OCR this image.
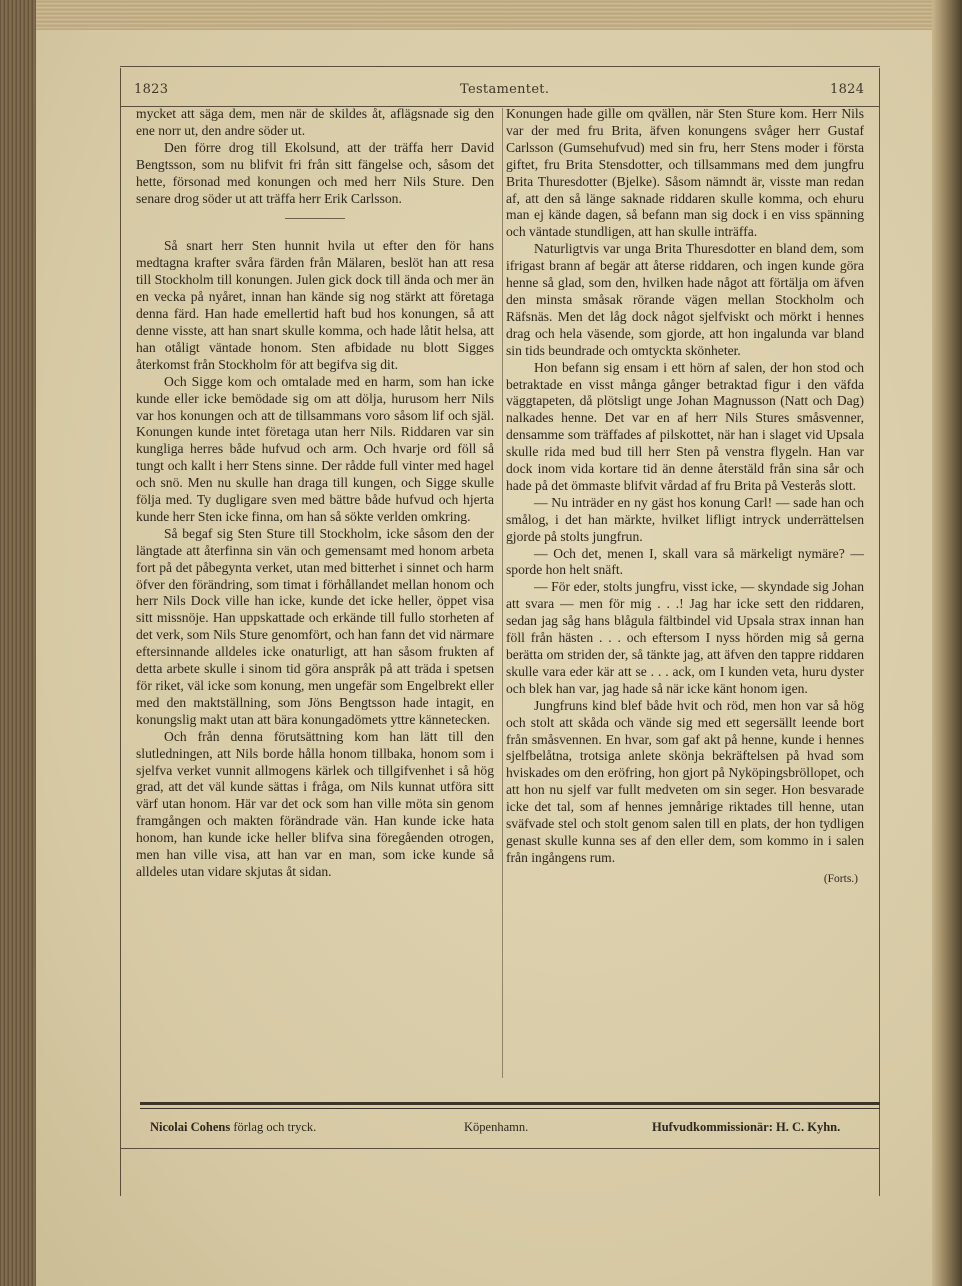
1823	Testamentet.	1824

mycket att säga dem, men när de skildes åt, aflägsnade sig den ene norr ut, den andre söder ut.

Den förre drog till Ekolsund, att der träffa herr David Bengtsson, som nu blifvit fri från sitt fängelse och, såsom det hette, försonad med konungen och med herr Nils Sture. Den senare drog söder ut att träffa herr Erik Carlsson.

Så snart herr Sten hunnit hvila ut efter den för hans medtagna krafter svåra färden från Mälaren, beslöt han att resa till Stockholm till konungen. Julen gick dock till ända och mer än en vecka på nyåret, innan han kände sig nog stärkt att företaga denna färd. Han hade emellertid haft bud hos konungen, så att denne visste, att han snart skulle komma, och hade låtit helsa, att han otåligt väntade honom. Sten afbidade nu blott Sigges återkomst från Stockholm för att begifva sig dit.

Och Sigge kom och omtalade med en harm, som han icke kunde eller icke bemödade sig om att dölja, hurusom herr Nils var hos konungen och att de tillsammans voro såsom lif och själ. Konungen kunde intet företaga utan herr Nils. Riddaren var sin kungliga herres både hufvud och arm. Och hvarje ord föll så tungt och kallt i herr Stens sinne. Der rådde full vinter med hagel och snö. Men nu skulle han draga till kungen, och Sigge skulle följa med. Ty dugligare sven med bättre både hufvud och hjerta kunde herr Sten icke finna, om han så sökte verlden omkring.

Så begaf sig Sten Sture till Stockholm, icke såsom den der längtade att återfinna sin vän och gemensamt med honom arbeta fort på det påbegynta verket, utan med bitterhet i sinnet och harm öfver den förändring, som timat i förhållandet mellan honom och herr Nils Dock ville han icke, kunde det icke heller, öppet visa sitt missnöje. Han uppskattade och erkände till fullo storheten af det verk, som Nils Sture genomfört, och han fann det vid närmare eftersinnande alldeles icke onaturligt, att han såsom frukten af detta arbete skulle i sinom tid göra anspråk på att träda i spetsen för riket, väl icke som konung, men ungefär som Engelbrekt eller med den maktställning, som Jöns Bengtsson hade intagit, en konungslig makt utan att bära konungadömets yttre kännetecken.

Och från denna förutsättning kom han lätt till den slutledningen, att Nils borde hålla honom tillbaka, honom som i sjelfva verket vunnit allmogens kärlek och tillgifvenhet i så hög grad, att det väl kunde sättas i fråga, om Nils kunnat utföra sitt värf utan honom. Här var det ock som han ville möta sin genom framgången och makten förändrade vän. Han kunde icke hata honom, han kunde icke heller blifva sina föregåenden otrogen, men han ville visa, att han var en man, som icke kunde så alldeles utan vidare skjutas åt sidan.

Konungen hade gille om qvällen, när Sten Sture kom. Herr Nils var der med fru Brita, äfven konungens svåger herr Gustaf Carlsson (Gumsehufvud) med sin fru, herr Stens moder i första giftet, fru Brita Stensdotter, och tillsammans med dem jungfru Brita Thuresdotter (Bjelke). Såsom nämndt är, visste man redan af, att den så länge saknade riddaren skulle komma, och ehuru man ej kände dagen, så befann man sig dock i en viss spänning och väntade stundligen, att han skulle inträffa.

Naturligtvis var unga Brita Thuresdotter en bland dem, som ifrigast brann af begär att återse riddaren, och ingen kunde göra henne så glad, som den, hvilken hade något att förtälja om äfven den minsta småsak rörande vägen mellan Stockholm och Räfsnäs. Men det låg dock något sjelfviskt och mörkt i hennes drag och hela väsende, som gjorde, att hon ingalunda var bland sin tids beundrade och omtyckta skönheter.

Hon befann sig ensam i ett hörn af salen, der hon stod och betraktade en visst många gånger betraktad figur i den väfda väggtapeten, då plötsligt unge Johan Magnusson (Natt och Dag) nalkades henne. Det var en af herr Nils Stures småsvenner, densamme som träffades af pilskottet, när han i slaget vid Upsala skulle rida med bud till herr Sten på venstra flygeln. Han var dock inom vida kortare tid än denne återstäld från sina sår och hade på det ömmaste blifvit vårdad af fru Brita på Vesterås slott.

— Nu inträder en ny gäst hos konung Carl! — sade han och smålog, i det han märkte, hvilket lifligt intryck underrättelsen gjorde på stolts jungfrun.

— Och det, menen I, skall vara så märkeligt nymäre? — sporde hon helt snäft.

— För eder, stolts jungfru, visst icke, — skyndade sig Johan att svara — men för mig . . .! Jag har icke sett den riddaren, sedan jag såg hans blågula fältbindel vid Upsala strax innan han föll från hästen . . . och eftersom I nyss hörden mig så gerna berätta om striden der, så tänkte jag, att äfven den tappre riddaren skulle vara eder kär att se . . . ack, om I kunden veta, huru dyster och blek han var, jag hade så när icke känt honom igen.

Jungfruns kind blef både hvit och röd, men hon var så hög och stolt att skåda och vände sig med ett segersällt leende bort från småsvennen. En hvar, som gaf akt på henne, kunde i hennes sjelfbelåtna, trotsiga anlete skönja bekräftelsen på hvad som hviskades om den eröfring, hon gjort på Nyköpingsbröllopet, och att hon nu sjelf var fullt medveten om sin seger. Hon besvarade icke det tal, som af hennes jemnårige riktades till henne, utan sväfvade stel och stolt genom salen till en plats, der hon tydligen genast skulle kunna ses af den eller dem, som kommo in i salen från ingångens rum.

(Forts.)
Nicolai Cohens förlag och tryck.	Köpenhamn.	Hufvudkommissionär: H. C. Kyhn.
